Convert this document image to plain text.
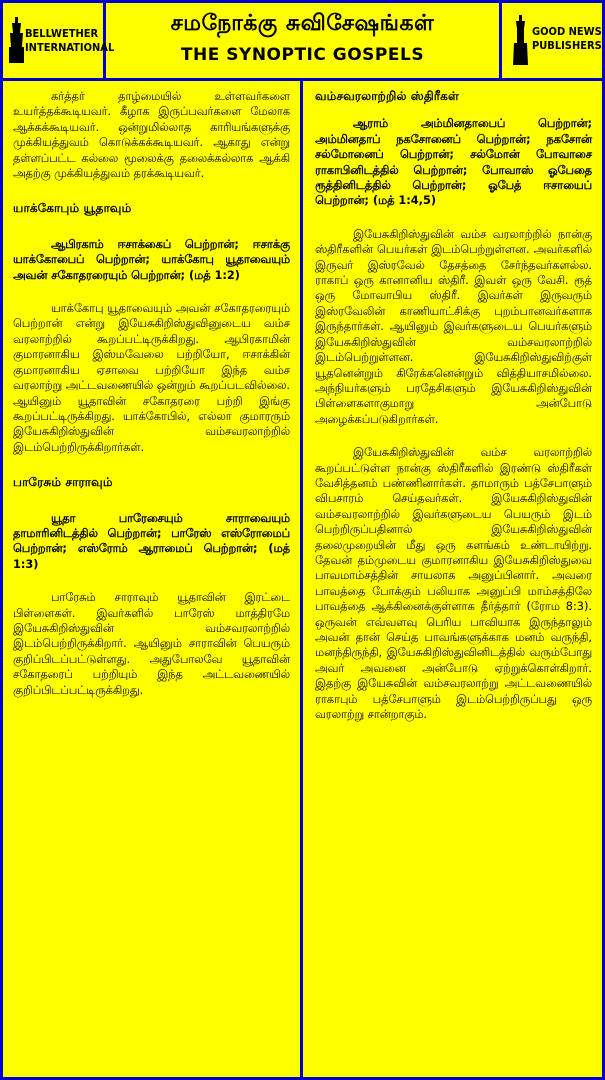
BELLWETHER
INTERNATIONAL
சமநோக்கு சுவிசேஷங்கள்
THE SYNOPTIC GOSPELS
GOOD NEWS
PUBLISHERS

கர்த்தர் தாழ்மையில் உள்ளவர்களை உயர்த்தக்கூடியவர். கீழாக இருப்பவர்களை மேலாக ஆக்கக்கூடியவர். ஒன்றுமில்லாத காரியங்களுக்கு முக்கியத்துவம் கொடுக்கக்கூடியவர். ஆகாது என்று தள்ளப்பட்ட கல்லை மூலைக்கு தலைக்கல்லாக ஆக்கி அதற்கு முக்கியத்துவம் தரக்கூடியவர்.

யாக்கோபும் யூதாவும்

ஆபிரகாம் ஈசாக்கைப் பெற்றான்; ஈசாக்கு யாக்கோபைப் பெற்றான்; யாக்கோபு யூதாவையும் அவன் சகோதரரையும் பெற்றான்; (மத் 1:2)

யாக்கோபு யூதாவையும் அவன் சகோதரரையும் பெற்றான் என்று இயேசுகிறிஸ்துவினுடைய வம்ச வரலாற்றில் கூறப்பட்டிருக்கிறது. ஆபிரகாமின் குமாரனாகிய இஸ்மவேலை பற்றியோ, ஈசாக்கின் குமாரனாகிய ஏசாவை பற்றியோ இந்த வம்ச வரலாற்று அட்டவணையில் ஒன்றும் கூறப்படவில்லை. ஆயினும் யூதாவின் சகோதரரை பற்றி இங்கு கூறப்பட்டிருக்கிறது. யாக்கோபில், எல்லா குமாரரும் இயேசுகிறிஸ்துவின் வம்சவரலாற்றில் இடம்பெற்றிருக்கிறார்கள்.

பாரேசும் சாராவும்

யூதா பாரேசையும் சாராவையும் தாமாரினிடத்தில் பெற்றான்; பாரேஸ் எஸ்ரோமைப் பெற்றான்; எஸ்ரோம் ஆராமைப் பெற்றான்; (மத் 1:3)

பாரேசும் சாராவும் யூதாவின் இரட்டை பிள்ளைகள். இவர்களில் பாரேஸ் மாத்திரமே இயேசுகிறிஸ்துவின் வம்சவரலாற்றில் இடம்பெற்றிருக்கிறார். ஆயினும் சாராவின் பெயரும் குறிப்பிடப்பட்டுள்ளது. அதுபோலவே யூதாவின் சகோதரைப் பற்றியும் இந்த அட்டவணையில் குறிப்பிடப்பட்டிருக்கிறது.

வம்சவரலாற்றில் ஸ்திரீகள்

ஆராம் அம்மினதாபைப் பெற்றான்; அம்மினதாப் நகசோனைப் பெற்றான்; நகசோன் சல்மோனைப் பெற்றான்; சல்மோன் போவாசை ராகாபினிடத்தில் பெற்றான்; போவாஸ் ஓபேதை ரூத்தினிடத்தில் பெற்றான்; ஓபேத் ஈசாயைப் பெற்றான்; (மத் 1:4,5)

இயேசுகிறிஸ்துவின் வம்ச வரலாற்றில் நான்கு ஸ்திரீகளின் பெயர்கள் இடம்பெற்றுள்ளன. அவர்களில் இருவர் இஸ்ரவேல் தேசத்தை சேர்ந்தவர்களல்ல. ராகாப் ஒரு கானானிய ஸ்திரீ. இவள் ஒரு வேசி. ரூத் ஒரு மோவாபிய ஸ்திரீ. இவர்கள் இருவரும் இஸ்ரவேலின் காணியாட்சிக்கு புறம்பானவர்களாக இருந்தார்கள். ஆயினும் இவர்களுடைய பெயர்களும் இயேசுகிறிஸ்துவின் வம்சவரலாற்றில் இடம்பெற்றுள்ளன. இயேசுகிறிஸ்துவிற்குள் யூதனென்றும் கிரேக்கனென்றும் வித்தியாசமில்லை. அந்நியர்களும் பரதேசிகளும் இயேசுகிறிஸ்துவின் பிள்ளைகளாகுமாறு அன்போடு அழைக்கப்படுகிறார்கள்.

இயேசுகிறிஸ்துவின் வம்ச வரலாற்றில் கூறப்பட்டுள்ள நான்கு ஸ்திரீகளில் இரண்டு ஸ்திரீகள் வேசித்தனம் பண்ணினார்கள். தாமாரும் பத்சேபாளும் விபசாரம் செய்தவர்கள். இயேசுகிறிஸ்துவின் வம்சவரலாற்றில் இவர்களுடைய பெயரும் இடம் பெற்றிருப்பதினால் இயேசுகிறிஸ்துவின் தலைமுறையின் மீது ஒரு களங்கம் உண்டாயிற்று. தேவன் தம்முடைய குமாரனாகிய இயேசுகிறிஸ்துவை பாவமாம்சத்தின் சாயலாக அனுப்பினார். அவரை பாவத்தை போக்கும் பலியாக அனுப்பி மாம்சத்திலே பாவத்தை ஆக்கினைக்குள்ளாக தீர்த்தார் (ரோம 8:3). ஒருவன் எவ்வளவு பெரிய பாவியாக இருந்தாலும் அவன் தான் செய்த பாவங்களுக்காக மனம் வருந்தி, மனந்திருந்தி, இயேசுகிறிஸ்துவினிடத்தில் வரும்போது அவர் அவனை அன்போடு ஏற்றுக்கொள்கிறார். இதற்கு இயேசுவின் வம்சவரலாற்று அட்டவணையில் ராகாபும் பத்சேபாளும் இடம்பெற்றிருப்பது ஒரு வரலாற்று சான்றாகும்.
